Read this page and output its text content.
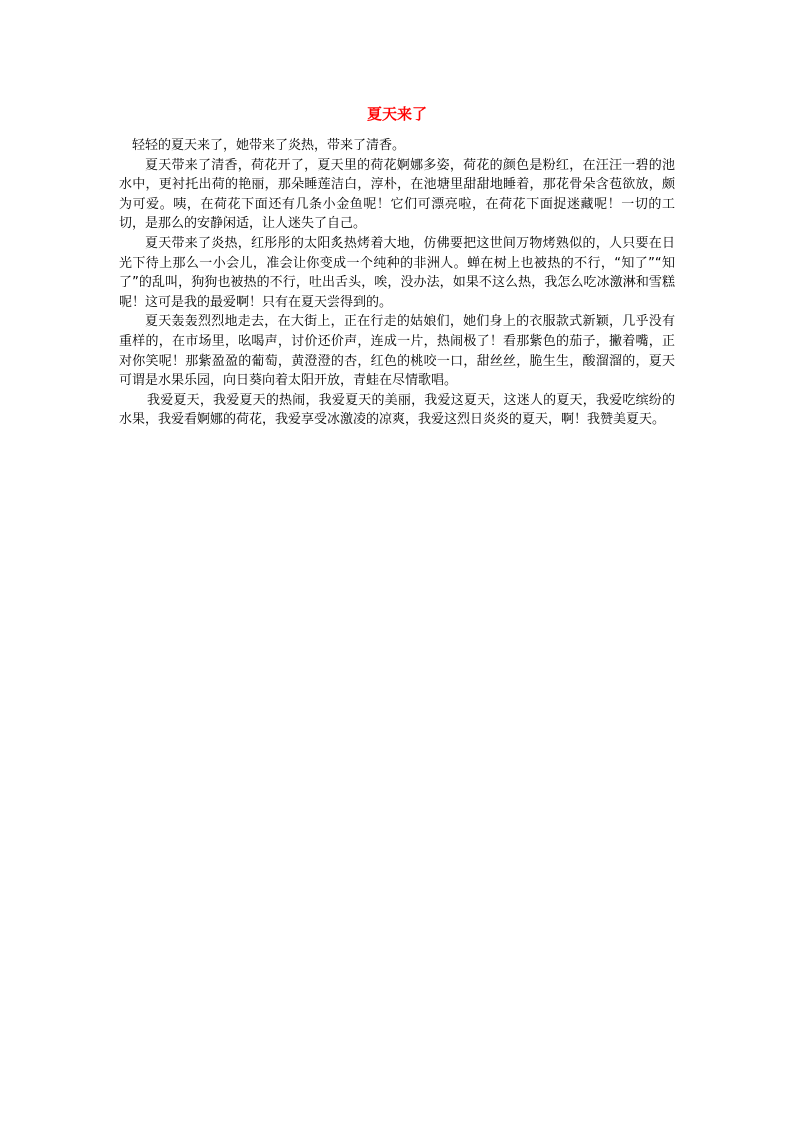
夏天来了

轻轻的夏天来了，她带来了炎热，带来了清香。

夏天带来了清香，荷花开了，夏天里的荷花婀娜多姿，荷花的颜色是粉红，在汪汪一碧的池水中，更衬托出荷的艳丽，那朵睡莲洁白，淳朴，在池塘里甜甜地睡着，那花骨朵含苞欲放，颇为可爱。咦，在荷花下面还有几条小金鱼呢！它们可漂亮啦，在荷花下面捉迷藏呢！一切的工切，是那么的安静闲适，让人迷失了自己。

夏天带来了炎热，红彤彤的太阳炙热烤着大地，仿佛要把这世间万物烤熟似的，人只要在日光下待上那么一小会儿，准会让你变成一个纯种的非洲人。蝉在树上也被热的不行，“知了”“知了”的乱叫，狗狗也被热的不行，吐出舌头，唉，没办法，如果不这么热，我怎么吃冰激淋和雪糕呢！这可是我的最爱啊！只有在夏天尝得到的。

夏天轰轰烈烈地走去，在大街上，正在行走的姑娘们，她们身上的衣服款式新颖，几乎没有重样的，在市场里，吆喝声，讨价还价声，连成一片，热闹极了！看那紫色的茄子，撇着嘴，正对你笑呢！那紫盈盈的葡萄，黄澄澄的杏，红色的桃咬一口，甜丝丝，脆生生，酸溜溜的，夏天可谓是水果乐园，向日葵向着太阳开放，青蛙在尽情歌唱。

我爱夏天，我爱夏天的热闹，我爱夏天的美丽，我爱这夏天，这迷人的夏天，我爱吃缤纷的水果，我爱看婀娜的荷花，我爱享受冰激凌的凉爽，我爱这烈日炎炎的夏天，啊！我赞美夏天。
